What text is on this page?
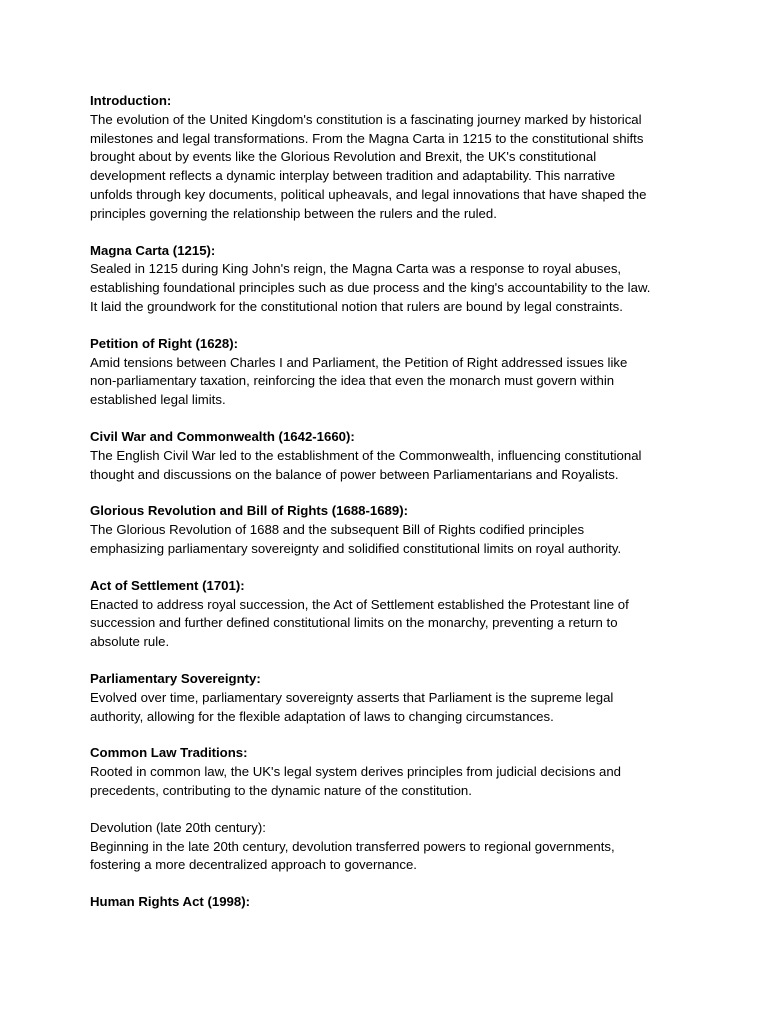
Introduction:

The evolution of the United Kingdom's constitution is a fascinating journey marked by historical
milestones and legal transformations. From the Magna Carta in 1215 to the constitutional shifts
brought about by events like the Glorious Revolution and Brexit, the UK's constitutional
development reflects a dynamic interplay between tradition and adaptability. This narrative
unfolds through key documents, political upheavals, and legal innovations that have shaped the
principles governing the relationship between the rulers and the ruled.

Magna Carta (1215):

Sealed in 1215 during King John's reign, the Magna Carta was a response to royal abuses,
establishing foundational principles such as due process and the king's accountability to the law.
It laid the groundwork for the constitutional notion that rulers are bound by legal constraints.

Petition of Right (1628):

Amid tensions between Charles I and Parliament, the Petition of Right addressed issues like
non-parliamentary taxation, reinforcing the idea that even the monarch must govern within
established legal limits.

Civil War and Commonwealth (1642-1660):

The English Civil War led to the establishment of the Commonwealth, influencing constitutional
thought and discussions on the balance of power between Parliamentarians and Royalists.

Glorious Revolution and Bill of Rights (1688-1689):

The Glorious Revolution of 1688 and the subsequent Bill of Rights codified principles
emphasizing parliamentary sovereignty and solidified constitutional limits on royal authority.

Act of Settlement (1701):

Enacted to address royal succession, the Act of Settlement established the Protestant line of
succession and further defined constitutional limits on the monarchy, preventing a return to
absolute rule.

Parliamentary Sovereignty:

Evolved over time, parliamentary sovereignty asserts that Parliament is the supreme legal
authority, allowing for the flexible adaptation of laws to changing circumstances.

Common Law Traditions:

Rooted in common law, the UK's legal system derives principles from judicial decisions and
precedents, contributing to the dynamic nature of the constitution.

Devolution (late 20th century):

Beginning in the late 20th century, devolution transferred powers to regional governments,
fostering a more decentralized approach to governance.

Human Rights Act (1998):
